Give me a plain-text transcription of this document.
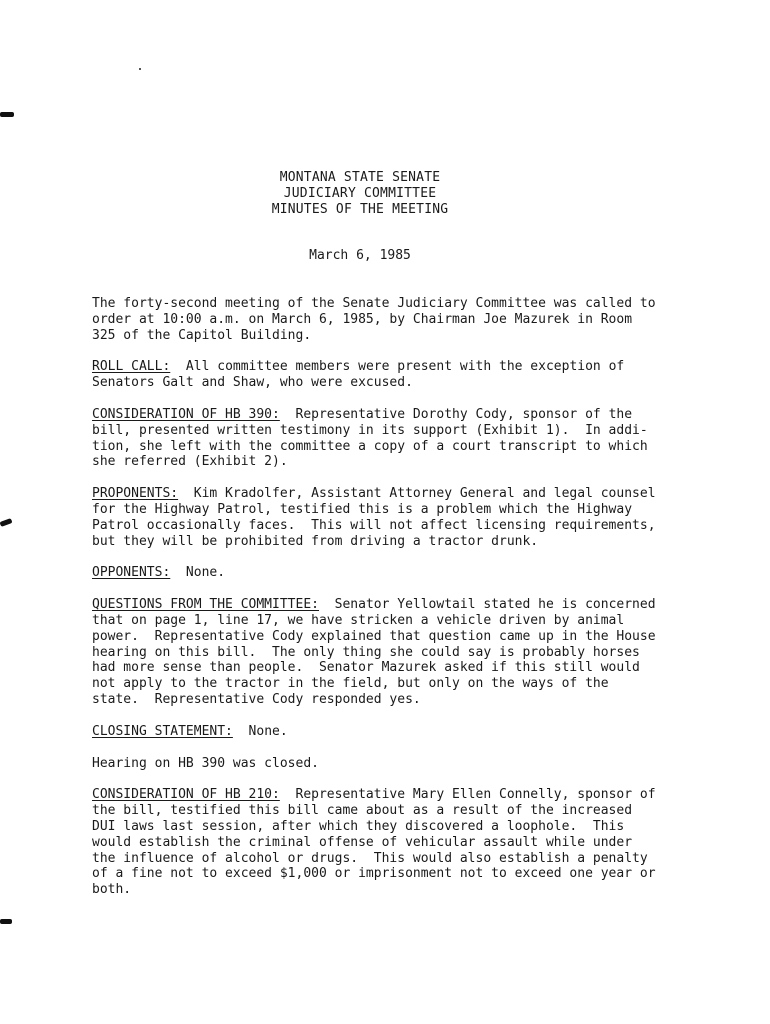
MONTANA STATE SENATE
JUDICIARY COMMITTEE
MINUTES OF THE MEETING
March 6, 1985
The forty-second meeting of the Senate Judiciary Committee was called to
order at 10:00 a.m. on March 6, 1985, by Chairman Joe Mazurek in Room
325 of the Capitol Building.
ROLL CALL:  All committee members were present with the exception of
Senators Galt and Shaw, who were excused.
CONSIDERATION OF HB 390:  Representative Dorothy Cody, sponsor of the
bill, presented written testimony in its support (Exhibit 1).  In addi-
tion, she left with the committee a copy of a court transcript to which
she referred (Exhibit 2).
PROPONENTS:  Kim Kradolfer, Assistant Attorney General and legal counsel
for the Highway Patrol, testified this is a problem which the Highway
Patrol occasionally faces.  This will not affect licensing requirements,
but they will be prohibited from driving a tractor drunk.
OPPONENTS:  None.
QUESTIONS FROM THE COMMITTEE:  Senator Yellowtail stated he is concerned
that on page 1, line 17, we have stricken a vehicle driven by animal
power.  Representative Cody explained that question came up in the House
hearing on this bill.  The only thing she could say is probably horses
had more sense than people.  Senator Mazurek asked if this still would
not apply to the tractor in the field, but only on the ways of the
state.  Representative Cody responded yes.
CLOSING STATEMENT:  None.
Hearing on HB 390 was closed.
CONSIDERATION OF HB 210:  Representative Mary Ellen Connelly, sponsor of
the bill, testified this bill came about as a result of the increased
DUI laws last session, after which they discovered a loophole.  This
would establish the criminal offense of vehicular assault while under
the influence of alcohol or drugs.  This would also establish a penalty
of a fine not to exceed $1,000 or imprisonment not to exceed one year or
both.
